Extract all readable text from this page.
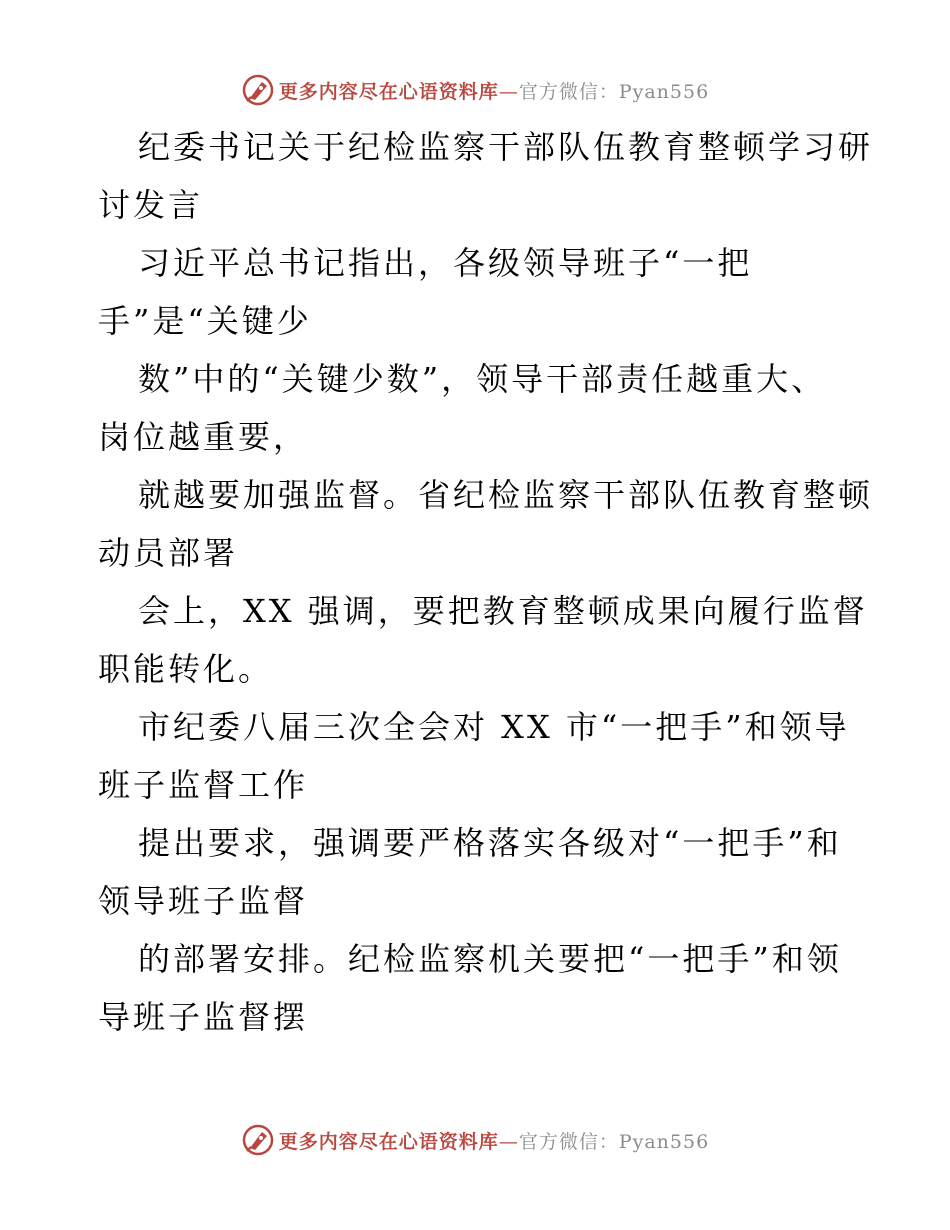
更多内容尽在心语资料库—官方微信：Pyan556
纪委书记关于纪检监察干部队伍教育整顿学习研
讨发言
习近平总书记指出，各级领导班子“一把
手”是“关键少
数”中的“关键少数”，领导干部责任越重大、
岗位越重要，
就越要加强监督。省纪检监察干部队伍教育整顿
动员部署
会上，XX 强调，要把教育整顿成果向履行监督
职能转化。
市纪委八届三次全会对 XX 市“一把手”和领导
班子监督工作
提出要求，强调要严格落实各级对“一把手”和
领导班子监督
的部署安排。纪检监察机关要把“一把手”和领
导班子监督摆
更多内容尽在心语资料库—官方微信：Pyan556
